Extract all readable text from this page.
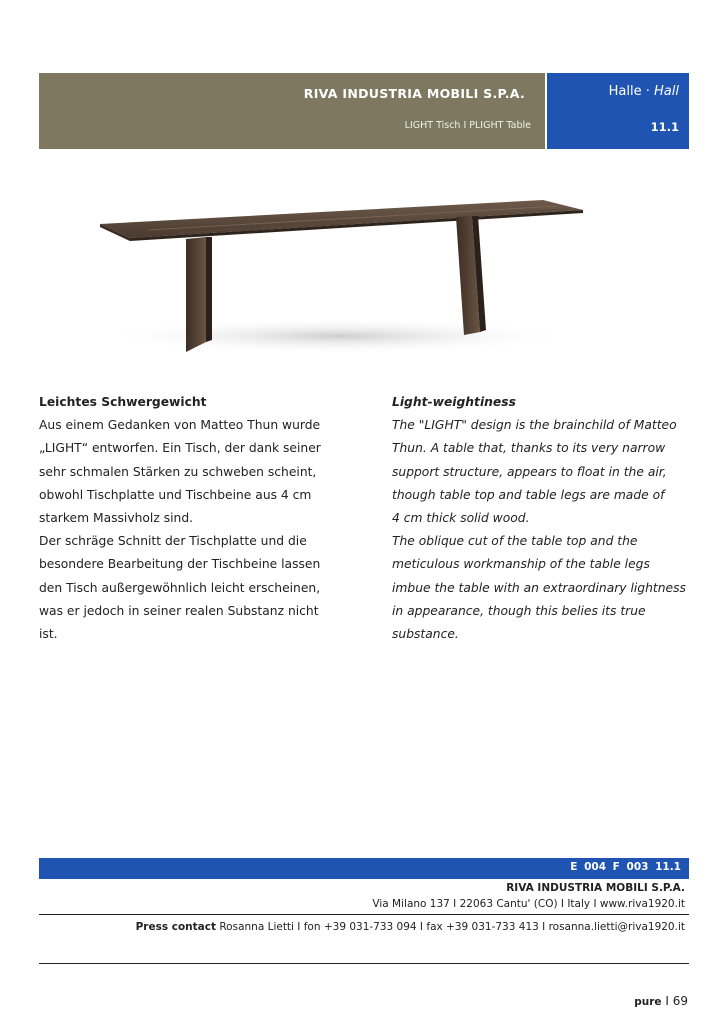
RIVA INDUSTRIA MOBILI S.P.A.
LIGHT Tisch I PLIGHT Table
Halle · Hall
11.1

Leichtes Schwergewicht

Aus einem Gedanken von Matteo Thun wurde

„LIGHT“ entworfen. Ein Tisch, der dank seiner

sehr schmalen Stärken zu schweben scheint,

obwohl Tischplatte und Tischbeine aus 4 cm

starkem Massivholz sind.

Der schräge Schnitt der Tischplatte und die

besondere Bearbeitung der Tischbeine lassen

den Tisch außergewöhnlich leicht erscheinen,

was er jedoch in seiner realen Substanz nicht

ist.

Light-weightiness

The "LIGHT" design is the brainchild of Matteo

Thun. A table that, thanks to its very narrow

support structure, appears to float in the air,

though table top and table legs are made of

4 cm thick solid wood.

The oblique cut of the table top and the

meticulous workmanship of the table legs

imbue the table with an extraordinary lightness

in appearance, though this belies its true

substance.

E 004 F 003 11.1
RIVA INDUSTRIA MOBILI S.P.A.
Via Milano 137 I 22063 Cantu' (CO) I Italy I www.riva1920.it
Press contact Rosanna Lietti I fon +39 031-733 094 I fax +39 031-733 413 I rosanna.lietti@riva1920.it
pure I 69
